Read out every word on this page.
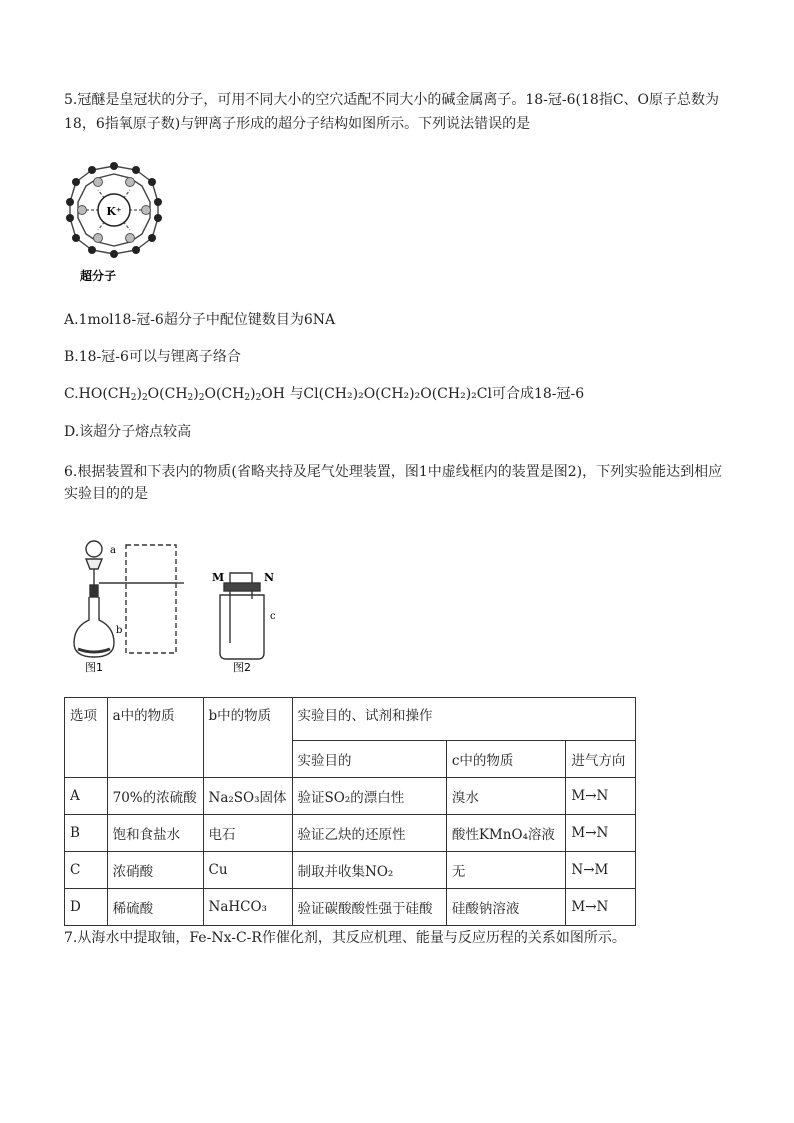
5.冠醚是皇冠状的分子，可用不同大小的空穴适配不同大小的碱金属离子。18-冠-6(18指C、O原子总数为
18，6指氧原子数)与钾离子形成的超分子结构如图所示。下列说法错误的是
K⁺
超分子
A.1mol18-冠-6超分子中配位键数目为6NA
B.18-冠-6可以与锂离子络合
$C.HO(CH_2)_2O(CH_2)_2O(CH_2)_2OH$ 与Cl(CH₂)₂O(CH₂)₂O(CH₂)₂Cl可合成18-冠-6
D.该超分子熔点较高
6.根据装置和下表内的物质(省略夹持及尾气处理装置，图1中虚线框内的装置是图2)，下列实验能达到相应
实验目的的是
a
b
图1
M	N
c
图2
选项	a中的物质	b中的物质	实验目的、试剂和操作		
			实验目的	c中的物质	进气方向
A	70%的浓硫酸	Na₂SO₃固体	验证SO₂的漂白性	溴水	M→N
B	饱和食盐水	电石	验证乙炔的还原性	酸性KMnO₄溶液	M→N
C	浓硝酸	Cu	制取并收集NO₂	无	N→M
D	稀硫酸	NaHCO₃	验证碳酸酸性强于硅酸	硅酸钠溶液	M→N
7.从海水中提取铀，Fe-Nx-C-R作催化剂，其反应机理、能量与反应历程的关系如图所示。
